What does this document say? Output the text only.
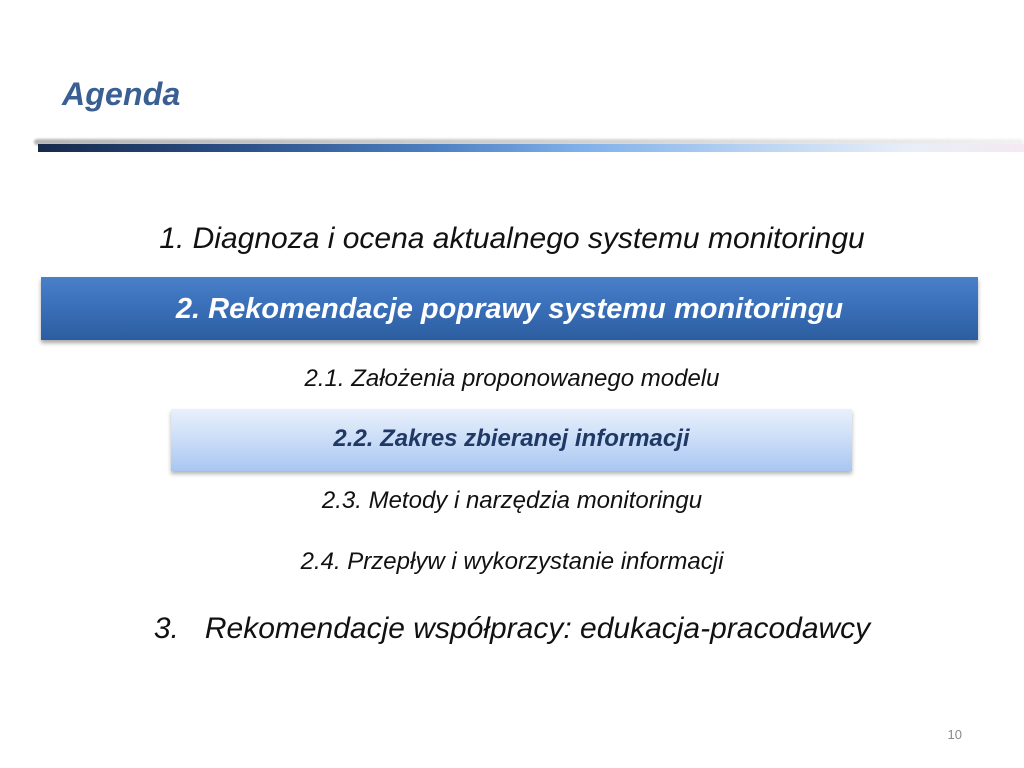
Agenda
1. Diagnoza i ocena aktualnego systemu monitoringu
2. Rekomendacje poprawy systemu monitoringu
2.1. Założenia proponowanego modelu
2.2. Zakres zbieranej informacji
2.3. Metody i narzędzia monitoringu
2.4. Przepływ i wykorzystanie informacji
3. Rekomendacje współpracy: edukacja-pracodawcy
10
